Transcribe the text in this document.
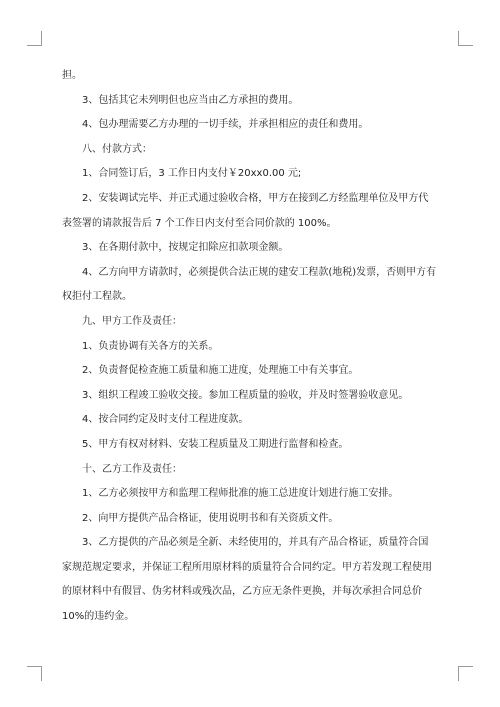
担。

3、包括其它未列明但也应当由乙方承担的费用。

4、包办理需要乙方办理的一切手续，并承担相应的责任和费用。

八、付款方式：

1、合同签订后，3 工作日内支付￥20xx0.00 元;

2、安装调试完毕、并正式通过验收合格，甲方在接到乙方经监理单位及甲方代
表签署的请款报告后 7 个工作日内支付至合同价款的 100%。

3、在各期付款中，按规定扣除应扣款项金额。

4、乙方向甲方请款时，必须提供合法正规的建安工程款(地税)发票，否则甲方有
权拒付工程款。

九、甲方工作及责任：

1、负责协调有关各方的关系。

2、负责督促检查施工质量和施工进度，处理施工中有关事宜。

3、组织工程竣工验收交接。参加工程质量的验收，并及时签署验收意见。

4、按合同约定及时支付工程进度款。

5、甲方有权对材料、安装工程质量及工期进行监督和检查。

十、乙方工作及责任：

1、乙方必须按甲方和监理工程师批准的施工总进度计划进行施工安排。

2、向甲方提供产品合格证，使用说明书和有关资质文件。

3、乙方提供的产品必须是全新、未经使用的，并具有产品合格证，质量符合国
家规范规定要求，并保证工程所用原材料的质量符合合同约定。甲方若发现工程使用
的原材料中有假冒、伪劣材料或残次品，乙方应无条件更换，并每次承担合同总价
10%的违约金。
